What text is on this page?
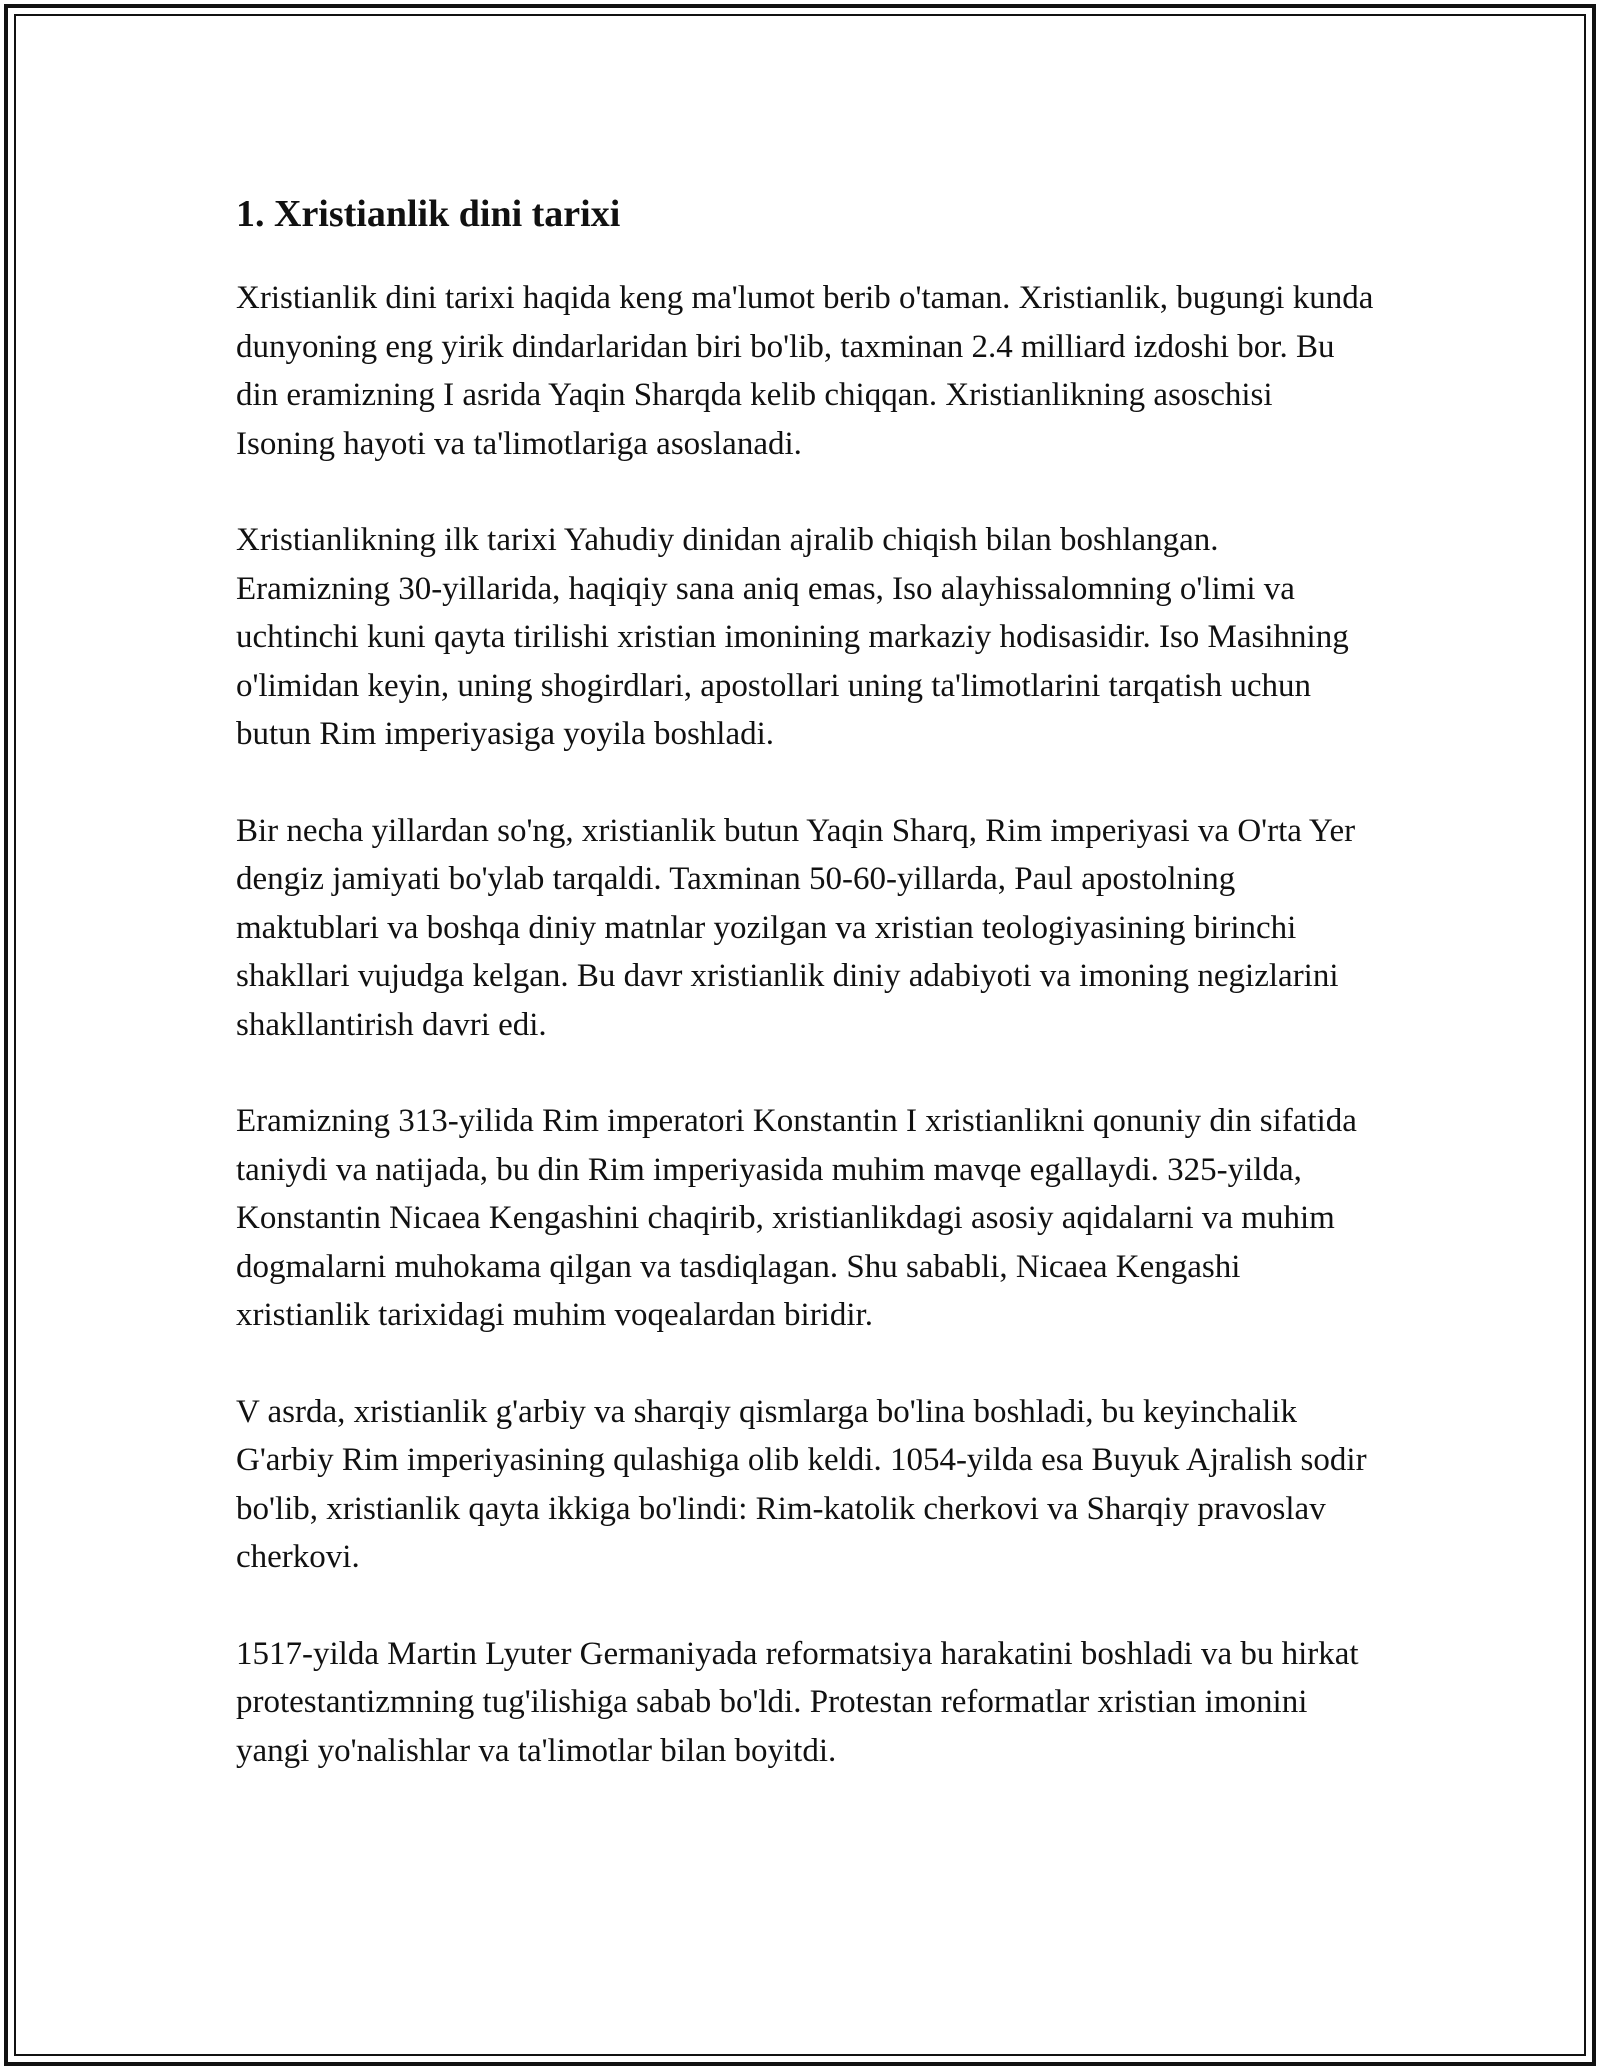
1. Xristianlik dini tarixi

Xristianlik dini tarixi haqida keng ma'lumot berib o'taman. Xristianlik, bugungi kunda dunyoning eng yirik dindarlaridan biri bo'lib, taxminan 2.4 milliard izdoshi bor. Bu din eramizning I asrida Yaqin Sharqda kelib chiqqan. Xristianlikning asoschisi Isoning hayoti va ta'limotlariga asoslanadi.

Xristianlikning ilk tarixi Yahudiy dinidan ajralib chiqish bilan boshlangan. Eramizning 30-yillarida, haqiqiy sana aniq emas, Iso alayhissalomning o'limi va uchtinchi kuni qayta tirilishi xristian imonining markaziy hodisasidir. Iso Masihning o'limidan keyin, uning shogirdlari, apostollari uning ta'limotlarini tarqatish uchun butun Rim imperiyasiga yoyila boshladi.

Bir necha yillardan so'ng, xristianlik butun Yaqin Sharq, Rim imperiyasi va O'rta Yer dengiz jamiyati bo'ylab tarqaldi. Taxminan 50-60-yillarda, Paul apostolning maktublari va boshqa diniy matnlar yozilgan va xristian teologiyasining birinchi shakllari vujudga kelgan. Bu davr xristianlik diniy adabiyoti va imoning negizlarini shakllantirish davri edi.

Eramizning 313-yilida Rim imperatori Konstantin I xristianlikni qonuniy din sifatida taniydi va natijada, bu din Rim imperiyasida muhim mavqe egallaydi. 325-yilda, Konstantin Nicaea Kengashini chaqirib, xristianlikdagi asosiy aqidalarni va muhim dogmalarni muhokama qilgan va tasdiqlagan. Shu sababli, Nicaea Kengashi xristianlik tarixidagi muhim voqealardan biridir.

V asrda, xristianlik g'arbiy va sharqiy qismlarga bo'lina boshladi, bu keyinchalik G'arbiy Rim imperiyasining qulashiga olib keldi. 1054-yilda esa Buyuk Ajralish sodir bo'lib, xristianlik qayta ikkiga bo'lindi: Rim-katolik cherkovi va Sharqiy pravoslav cherkovi.

1517-yilda Martin Lyuter Germaniyada reformatsiya harakatini boshladi va bu hirkat protestantizmning tug'ilishiga sabab bo'ldi. Protestan reformatlar xristian imonini yangi yo'nalishlar va ta'limotlar bilan boyitdi.
